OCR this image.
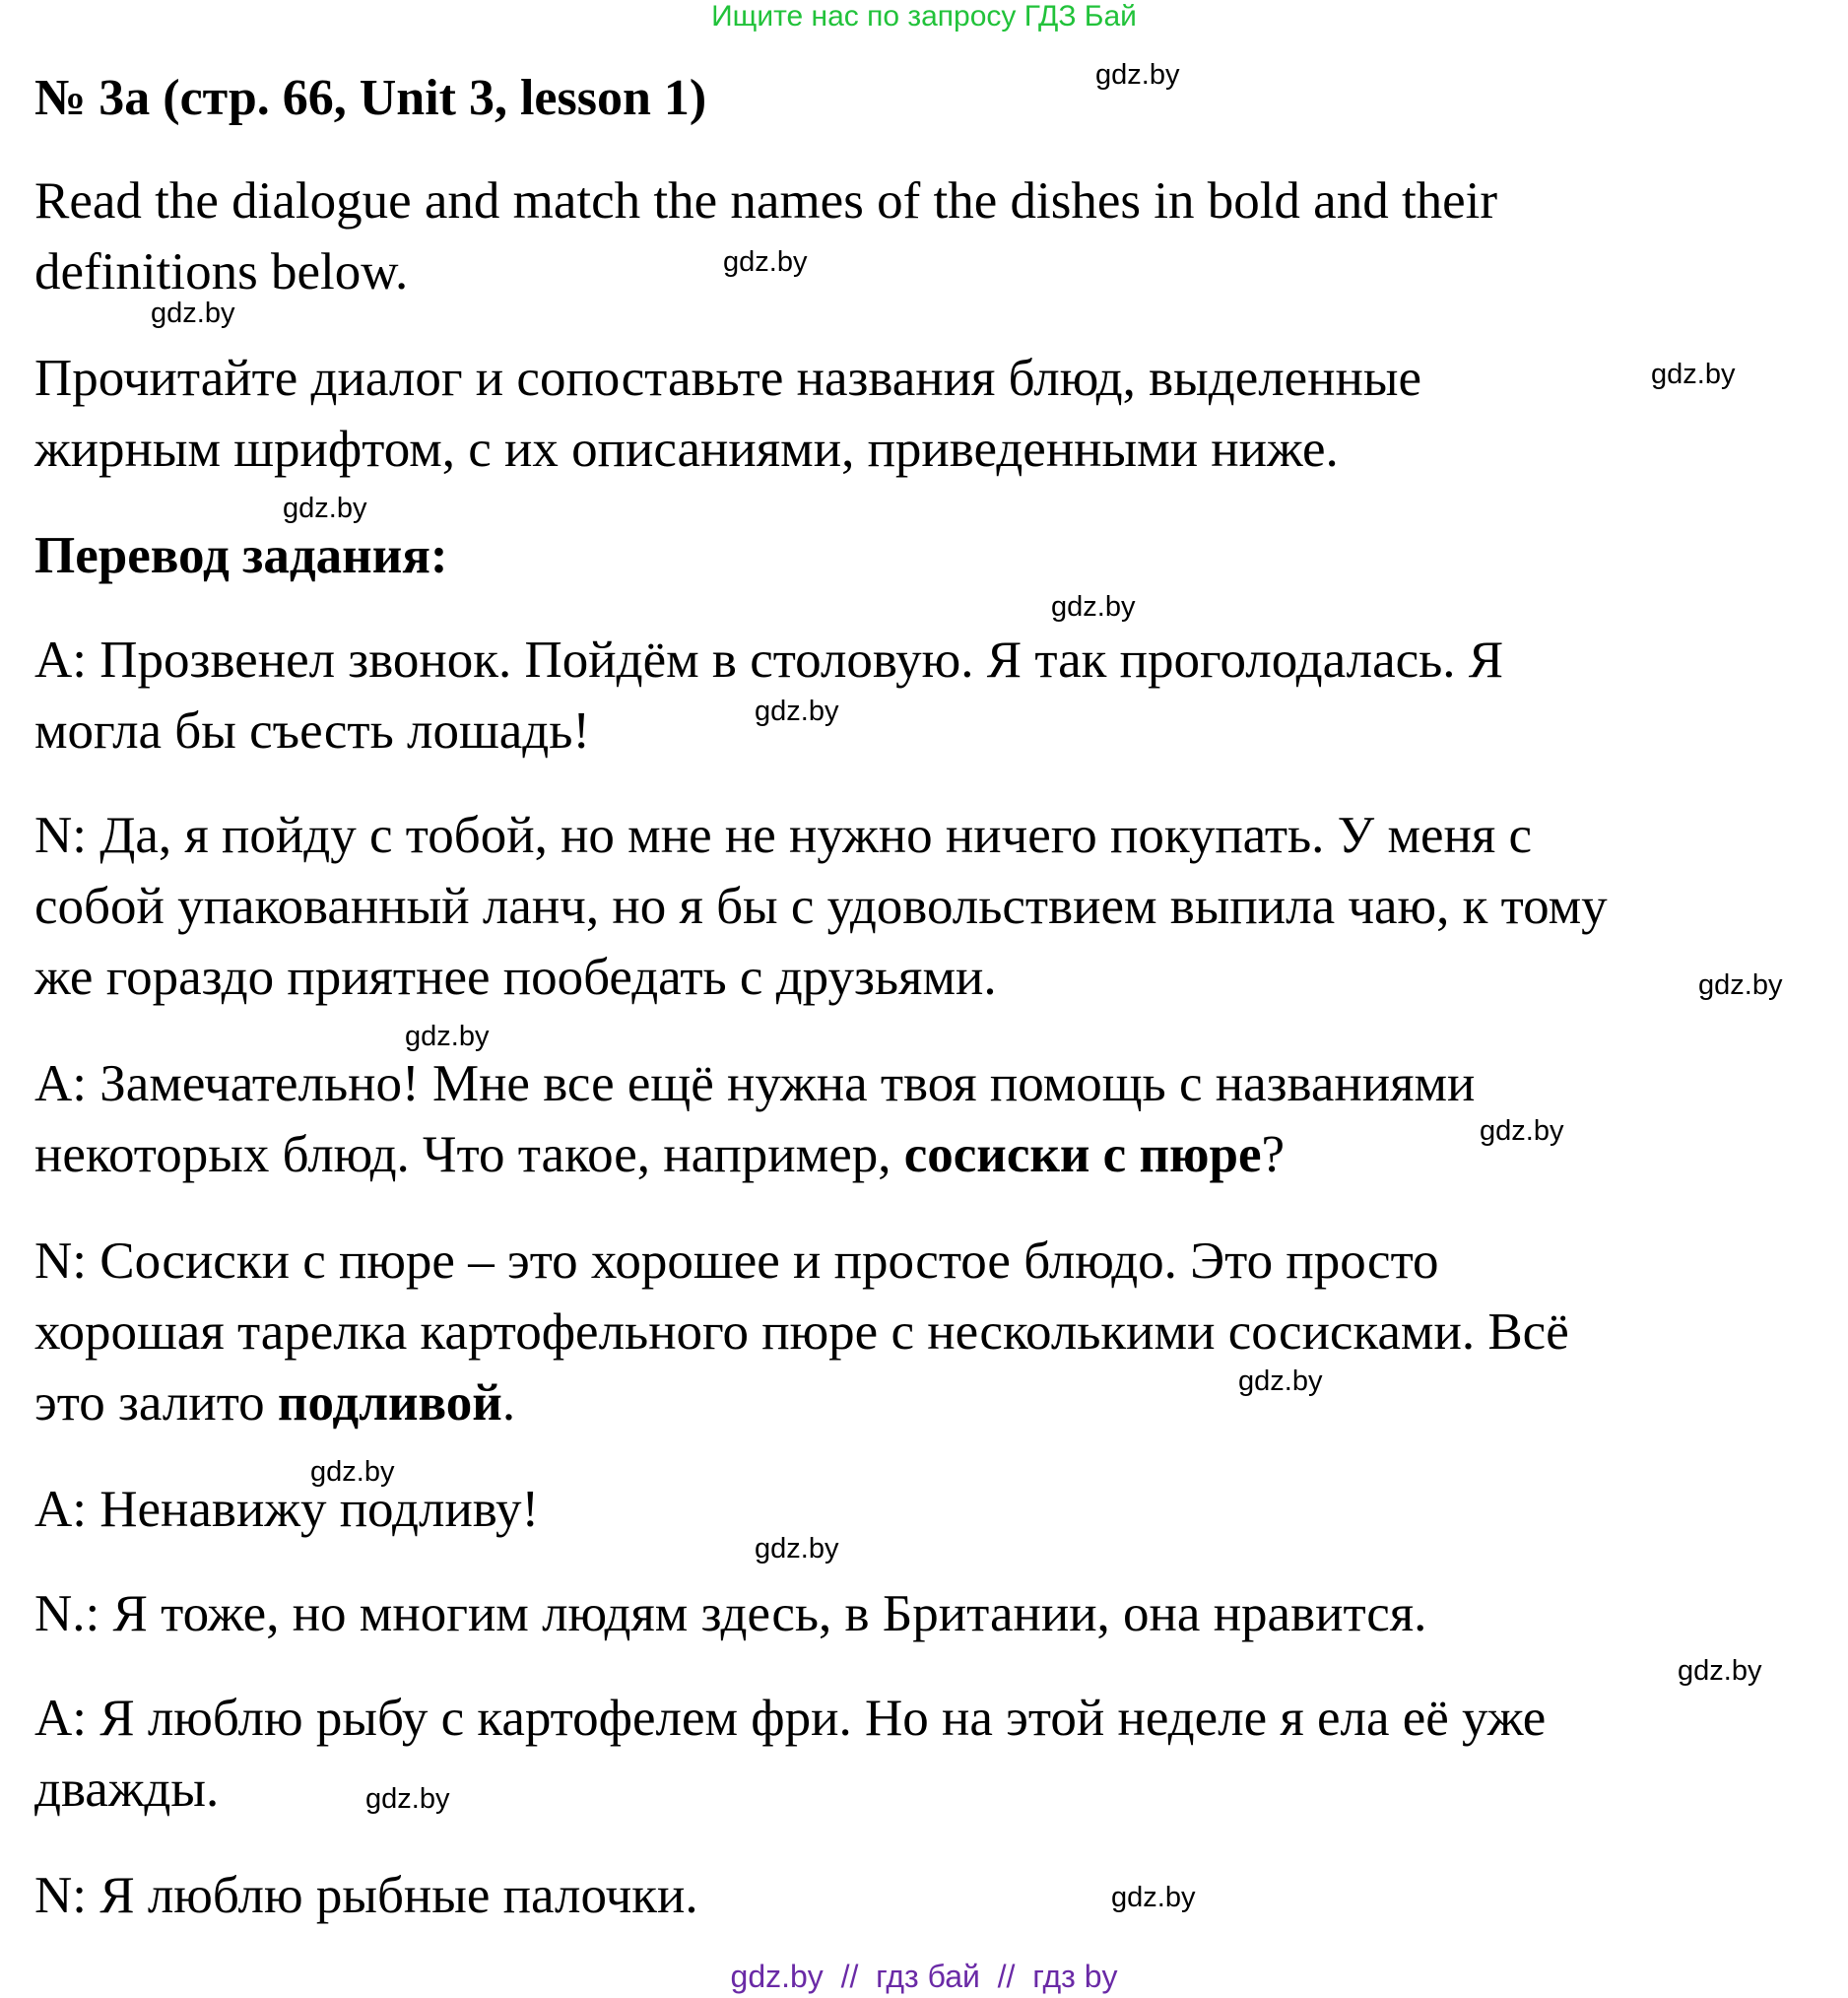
Ищите нас по запросу ГДЗ Бай
№ 3a (стр. 66, Unit 3, lesson 1)
Read the dialogue and match the names of the dishes in bold and their
definitions below.
Прочитайте диалог и сопоставьте названия блюд, выделенные
жирным шрифтом, с их описаниями, приведенными ниже.
Перевод задания:
А: Прозвенел звонок. Пойдём в столовую. Я так проголодалась. Я
могла бы съесть лошадь!
N: Да, я пойду с тобой, но мне не нужно ничего покупать. У меня с
собой упакованный ланч, но я бы с удовольствием выпила чаю, к тому
же гораздо приятнее пообедать с друзьями.
А: Замечательно! Мне все ещё нужна твоя помощь с названиями
некоторых блюд. Что такое, например, сосиски с пюре?
N: Сосиски с пюре – это хорошее и простое блюдо. Это просто
хорошая тарелка картофельного пюре с несколькими сосисками. Всё
это залито подливой.
А: Ненавижу подливу!
N.: Я тоже, но многим людям здесь, в Британии, она нравится.
А: Я люблю рыбу с картофелем фри. Но на этой неделе я ела её уже
дважды.
N: Я люблю рыбные палочки.
gdz.by
gdz.by
gdz.by
gdz.by
gdz.by
gdz.by
gdz.by
gdz.by
gdz.by
gdz.by
gdz.by
gdz.by
gdz.by
gdz.by
gdz.by
gdz.by
gdz.by  //  гдз бай  //  гдз by
